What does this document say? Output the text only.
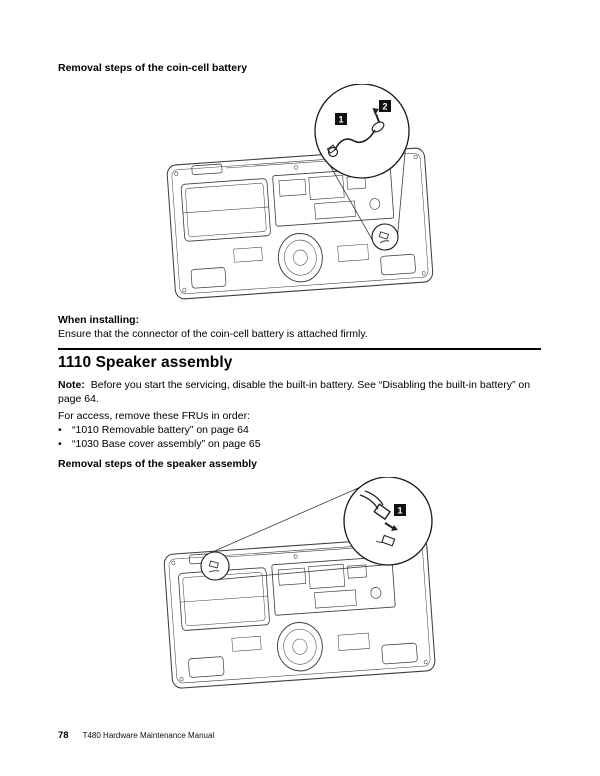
Removal steps of the coin-cell battery
1
2
When installing:
Ensure that the connector of the coin-cell battery is attached firmly.
1110 Speaker assembly
Note: Before you start the servicing, disable the built-in battery. See “Disabling the built-in battery” on page 64.
For access, remove these FRUs in order:
• “1010 Removable battery” on page 64
• “1030 Base cover assembly” on page 65
Removal steps of the speaker assembly
1
78 T480 Hardware Maintenance Manual
